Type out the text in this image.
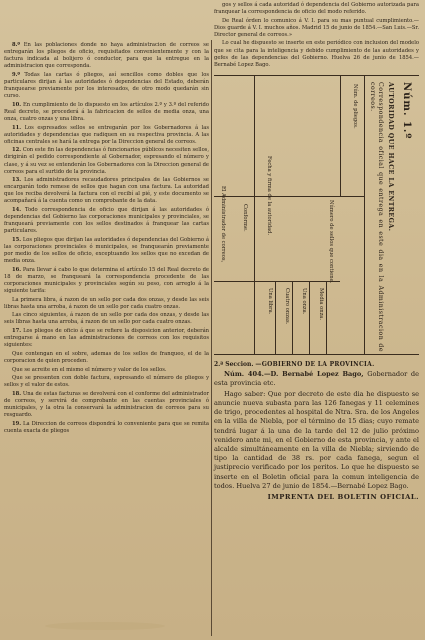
8.º En las poblaciones donde no haya administracion de correos se entregarán los pliegos de oficio, requisitados convenientemente y con la factura indicada al bolijero ó conductor, para que la entregue en la administracion que corresponda.

9.º Todas las cartas ó pliegos, así sencillos como dobles que los particulares dirijan á las autoridades ó dependencias del Estado, deberán franquearse previamente por los interesados, de otro modo quedarán sin curso.

10. En cumplimiento de lo dispuesto en los artículos 2.º y 3.º del referido Real decreto, se procederá á la fabricacion de sellos de media onza, una onza, cuatro onzas y una libra.

11. Los espresados sellos se entregarán por los Gobernadores á las autoridades y dependencias que radiquen en su respectiva provincia. A las oficinas centrales se hará la entrega por la Direccion general de correos.

12. Con este fin las dependencias ó funcionarios públicos necesiten sellos, dirigirán el pedido correspondiente al Gobernador, espresando el número y clase, y á su vez se entenderán los Gobernadores con la Direccion general de correos para el surtido de la provincia.

13. Los administradores recaudadores principales de las Gobiernos se encargarán todo remese de sellos que hagan con una factura. La autoridad que los reciba devolverá la factura con el recibí al pié, y este documento se acompañará á la cuenta como un comprobante de la data.

14. Todo correspondencia de oficio que dirijan á las autoridades ó dependencias del Gobierno las corporaciones municipales y provinciales, se franqueará previamente con los sellos destinados á franquear las cartas particulares.

15. Los pliegos que dirijan las autoridades ó dependencias del Gobierno á las corporaciones provinciales ó municipales, se franquearán previamente por medio de los sellos de oficio, exceptuando los sellos que no excedan de media onza.

16. Para llevar á cabo lo que determina el artículo 15 del Real decreto de 18 de marzo, se franqueará la correspondencia procedente de las corporaciones municipales y provinciales según su peso, con arreglo á la siguiente tarifa:

La primera libra, á razon de un sello por cada dos onzas, y desde las seis libras hasta una arroba, á razon de un sello por cada cuatro onzas.

Las cinco siguientes, á razon de un sello por cada dos onzas, y desde las seis libras hasta una arroba, á razon de un sello por cada cuatro onzas.

17. Los pliegos de oficio á que se refiere la disposicion anterior, deberán entregarse á mano en las administraciones de correos con los requisitos siguientes:

Que contengan en el sobre, ademas de los sellos de franqueo, el de la corporacion de quien proceden.

Que se acreite en el mismo el número y valor de los sellos.

Que se presenten con doble factura, espresando el número de pliegos y sellos y el valor de estos.

18. Una de estas facturas se devolverá con el conforme del administrador de correos, y servirá de comprobante en las cuentas provinciales ó municipales, y la otra la conservará la administracion de correos para su resguardo.

19. La Direccion de correos dispondrá lo conveniente para que se remita cuenta exacta de pliegos

gos y sellos á cada autoridad ó dependencia del Gobierno autorizada para franquear la correspondencia de oficio del modo referido.

De Real órden lo comunico á V. I. para su mas puntual cumplimiento.—Dios guarde á V. I. muchos años. Madrid 15 de junio de 1854.—San Luis.—Sr. Director general de correos.»

Lo cual he dispuesto se inserte en este periódico con inclusion del modelo que se cita para la inteligencia y debido cumplimiento de las autoridades y gefes de las dependencias del Gobierno. Huelva 26 de junio de 1854.—Bernabé Lopez Bago.

Núm. 1.º
AUTORIDAD QUE HACE LA ENTREGA.
Correspondencia oficial que entrega en este dia en la Administracion de correos.
Núm. de pliegos.
Número de sellos que contiene.
Media onza.
Una onza.
Cuatro onzas.
Una libra.
Fecha y firma de la autoridad.
Conforme.
El Administrador de correos,
2.ª Seccion. —GOBIERNO DE LA PROVINCIA.

Núm. 404.—D. Bernabé Lopez Bago, Gobernador de esta provincia etc.

Hago saber: Que por decreto de este dia he dispuesto se anuncie nueva subasta para las 126 fanegas y 11 celemines de trigo, procedentes al hospital de Ntra. Sra. de los Angeles en la villa de Niebla, por el término de 15 dias; cuyo remate tendrá lugar á la una de la tarde del 12 de julio próximo venidero ante mi, en el Gobierno de esta provincia, y ante el alcalde simultáneamente en la villa de Niebla; sirviendo de tipo la cantidad de 38 rs. por cada fanega, segun el justiprecio verificado por los peritos. Lo que he dispuesto se inserte en el Boletin oficial para la comun inteligencia de todos. Huelva 27 de junio de 1854.—Bernabé Lopez Bago.

IMPRENTA DEL BOLETIN OFICIAL.
